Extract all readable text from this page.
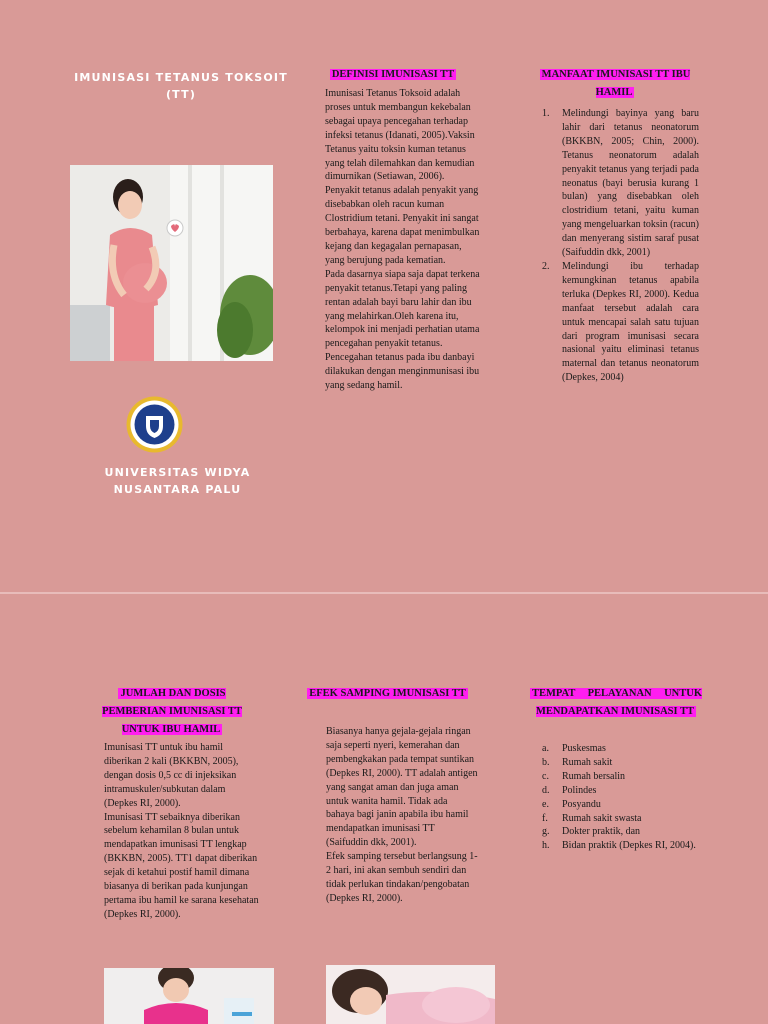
IMUNISASI TETANUS TOKSOIT (TT)
UNIVERSITAS WIDYA NUSANTARA PALU
DEFINISI IMUNISASI TT

Imunisasi Tetanus Toksoid adalah proses untuk membangun kekebalan sebagai upaya pencegahan terhadap infeksi tetanus (Idanati, 2005).Vaksin Tetanus yaitu toksin kuman tetanus yang telah dilemahkan dan kemudian dimurnikan (Setiawan, 2006).

Penyakit tetanus adalah penyakit yang disebabkan oleh racun kuman Clostridium tetani. Penyakit ini sangat berbahaya, karena dapat menimbulkan kejang dan kegagalan pernapasan, yang berujung pada kematian.

Pada dasarnya siapa saja dapat terkena penyakit tetanus.Tetapi yang paling rentan adalah bayi baru lahir dan ibu yang melahirkan.Oleh karena itu, kelompok ini menjadi perhatian utama pencegahan penyakit tetanus. Pencegahan tetanus pada ibu danbayi dilakukan dengan menginmunisasi ibu yang sedang hamil.

MANFAAT IMUNISASI TT IBU HAMIL
1. Melindungi bayinya yang baru lahir dari tetanus neonatorum (BKKBN, 2005; Chin, 2000). Tetanus neonatorum adalah penyakit tetanus yang terjadi pada neonatus (bayi berusia kurang 1 bulan) yang disebabkan oleh clostridium tetani, yaitu kuman yang mengeluarkan toksin (racun) dan menyerang sistim saraf pusat (Saifuddin dkk, 2001)
2. Melindungi ibu terhadap kemungkinan tetanus apabila terluka (Depkes RI, 2000). Kedua manfaat tersebut adalah cara untuk mencapai salah satu tujuan dari program imunisasi secara nasional yaitu eliminasi tetanus maternal dan tetanus neonatorum (Depkes, 2004)
JUMLAH DAN DOSIS PEMBERIAN IMUNISASI TT UNTUK IBU HAMIL

Imunisasi TT untuk ibu hamil diberikan 2 kali (BKKBN, 2005), dengan dosis 0,5 cc di injeksikan intramuskuler/subkutan dalam (Depkes RI, 2000).

Imunisasi TT sebaiknya diberikan sebelum kehamilan 8 bulan untuk mendapatkan imunisasi TT lengkap (BKKBN, 2005). TT1 dapat diberikan sejak di ketahui postif hamil dimana biasanya di berikan pada kunjungan pertama ibu hamil ke sarana kesehatan (Depkes RI, 2000).

EFEK SAMPING IMUNISASI TT

Biasanya hanya gejala-gejala ringan saja seperti nyeri, kemerahan dan pembengkakan pada tempat suntikan (Depkes RI, 2000). TT adalah antigen yang sangat aman dan juga aman untuk wanita hamil. Tidak ada bahaya bagi janin apabila ibu hamil mendapatkan imunisasi TT (Saifuddin dkk, 2001).

Efek samping tersebut berlangsung 1-2 hari, ini akan sembuh sendiri dan tidak perlukan tindakan/pengobatan (Depkes RI, 2000).

TEMPAT PELAYANAN UNTUK MENDAPATKAN IMUNISASI TT
a. Puskesmas
b. Rumah sakit
c. Rumah bersalin
d. Polindes
e. Posyandu
f. Rumah sakit swasta
g. Dokter praktik, dan
h. Bidan praktik (Depkes RI, 2004).
